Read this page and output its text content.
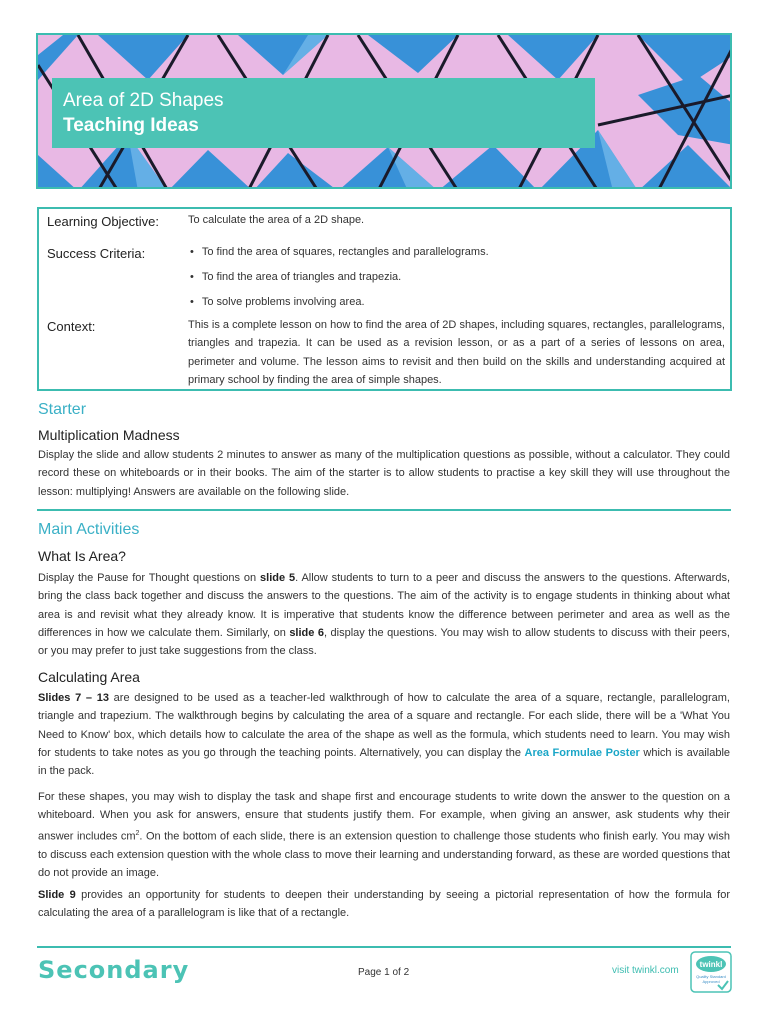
Area of 2D Shapes
Teaching Ideas
Learning Objective:	To calculate the area of a 2D shape.
Success Criteria:
•	To find the area of squares, rectangles and parallelograms.
• To find the area of triangles and trapezia.
• To solve problems involving area.
Context:	This is a complete lesson on how to find the area of 2D shapes, including squares, rectangles, parallelograms, triangles and trapezia. It can be used as a revision lesson, or as a part of a series of lessons on area, perimeter and volume. The lesson aims to revisit and then build on the skills and understanding acquired at primary school by finding the area of simple shapes.
Starter
Multiplication Madness

Display the slide and allow students 2 minutes to answer as many of the multiplication questions as possible, without a calculator. They could record these on whiteboards or in their books. The aim of the starter is to allow students to practise a key skill they will use throughout the lesson: multiplying! Answers are available on the following slide.

Main Activities
What Is Area?

Display the Pause for Thought questions on slide 5. Allow students to turn to a peer and discuss the answers to the questions. Afterwards, bring the class back together and discuss the answers to the questions. The aim of the activity is to engage students in thinking about what area is and revisit what they already know. It is imperative that students know the difference between perimeter and area as well as the differences in how we calculate them. Similarly, on slide 6, display the questions. You may wish to allow students to discuss with their peers, or you may prefer to just take suggestions from the class.

Calculating Area

Slides 7 – 13 are designed to be used as a teacher-led walkthrough of how to calculate the area of a square, rectangle, parallelogram, triangle and trapezium. The walkthrough begins by calculating the area of a square and rectangle. For each slide, there will be a 'What You Need to Know' box, which details how to calculate the area of the shape as well as the formula, which students need to learn. You may wish for students to take notes as you go through the teaching points. Alternatively, you can display the Area Formulae Poster which is available in the pack.

For these shapes, you may wish to display the task and shape first and encourage students to write down the answer to the question on a whiteboard. When you ask for answers, ensure that students justify them. For example, when giving an answer, ask students why their answer includes $cm^2$. On the bottom of each slide, there is an extension question to challenge those students who finish early. You may wish to discuss each extension question with the whole class to move their learning and understanding forward, as these are worded questions that do not provide an image.

Slide 9 provides an opportunity for students to deepen their understanding by seeing a pictorial representation of how the formula for calculating the area of a parallelogram is like that of a rectangle.

Secondary	Page 1 of 2	visit twinkl.com
twinkl
Quality Standard
Approved
